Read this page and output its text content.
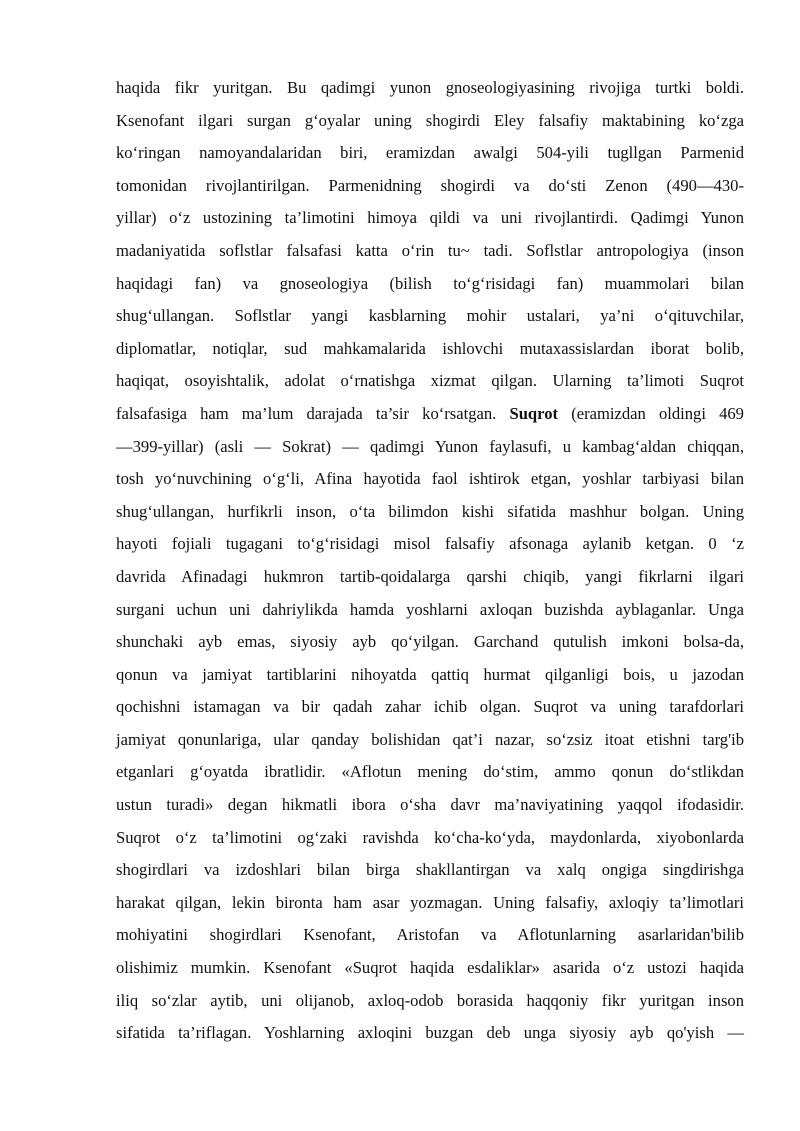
haqida fikr yuritgan. Bu qadimgi yunon gnoseologiyasining rivojiga turtki boldi.
Ksenofant ilgari surgan g‘oyalar uning shogirdi Eley falsafiy maktabining ko‘zga
ko‘ringan namoyandalaridan biri, eramizdan awalgi 504-yili tugllgan Parmenid
tomonidan rivojlantirilgan. Parmenidning shogirdi va do‘sti Zenon (490—430-
yillar) o‘z ustozining ta’limotini himoya qildi va uni rivojlantirdi. Qadimgi Yunon
madaniyatida soflstlar falsafasi katta o‘rin tu~ tadi. Soflstlar antropologiya (inson
haqidagi fan) va gnoseologiya (bilish to‘g‘risidagi fan) muammolari bilan
shug‘ullangan. Soflstlar yangi kasblarning mohir ustalari, ya’ni o‘qituvchilar,
diplomatlar, notiqlar, sud mahkamalarida ishlovchi mutaxassislardan iborat bolib,
haqiqat, osoyishtalik, adolat o‘rnatishga xizmat qilgan. Ularning ta’limoti Suqrot
falsafasiga ham ma’lum darajada ta’sir ko‘rsatgan. Suqrot (eramizdan oldingi 469
—399-yillar) (asli — Sokrat) — qadimgi Yunon faylasufi, u kambag‘aldan chiqqan,
tosh yo‘nuvchining o‘g‘li, Afina hayotida faol ishtirok etgan, yoshlar tarbiyasi bilan
shug‘ullangan, hurfikrli inson, o‘ta bilimdon kishi sifatida mashhur bolgan. Uning
hayoti fojiali tugagani to‘g‘risidagi misol falsafiy afsonaga aylanib ketgan. 0 ‘z
davrida Afinadagi hukmron tartib-qoidalarga qarshi chiqib, yangi fikrlarni ilgari
surgani uchun uni dahriylikda hamda yoshlarni axloqan buzishda ayblaganlar. Unga
shunchaki ayb emas, siyosiy ayb qo‘yilgan. Garchand qutulish imkoni bolsa-da,
qonun va jamiyat tartiblarini nihoyatda qattiq hurmat qilganligi bois, u jazodan
qochishni istamagan va bir qadah zahar ichib olgan. Suqrot va uning tarafdorlari
jamiyat qonunlariga, ular qanday bolishidan qat’i nazar, so‘zsiz itoat etishni targ'ib
etganlari g‘oyatda ibratlidir. «Aflotun mening do‘stim, ammo qonun do‘stlikdan
ustun turadi» degan hikmatli ibora o‘sha davr ma’naviyatining yaqqol ifodasidir.
Suqrot o‘z ta’limotini og‘zaki ravishda ko‘cha-ko‘yda, maydonlarda, xiyobonlarda
shogirdlari va izdoshlari bilan birga shakllantirgan va xalq ongiga singdirishga
harakat qilgan, lekin bironta ham asar yozmagan. Uning falsafiy, axloqiy ta’limotlari
mohiyatini shogirdlari Ksenofant, Aristofan va Aflotunlarning asarlaridan'bilib
olishimiz mumkin. Ksenofant «Suqrot haqida esdaliklar» asarida o‘z ustozi haqida
iliq so‘zlar aytib, uni olijanob, axloq-odob borasida haqqoniy fikr yuritgan inson
sifatida ta’riflagan. Yoshlarning axloqini buzgan deb unga siyosiy ayb qo'yish —
